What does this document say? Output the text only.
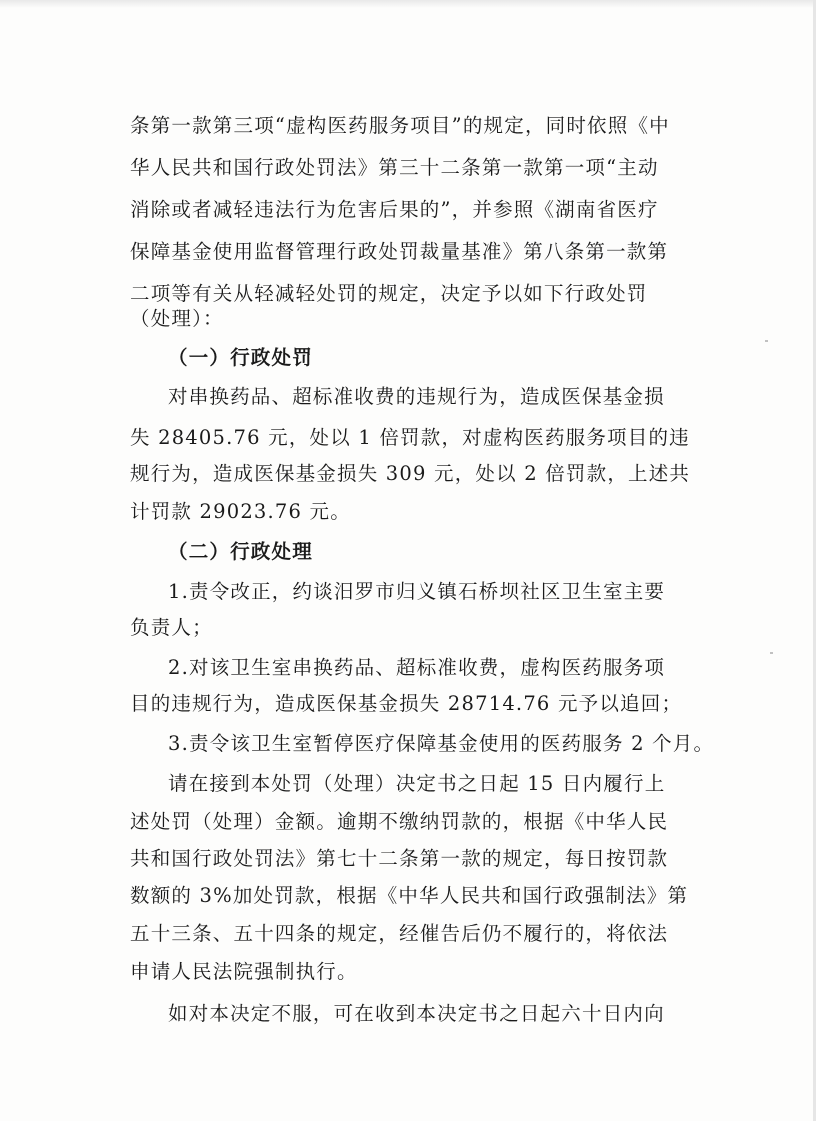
条第一款第三项“虚构医药服务项目”的规定，同时依照《中
华人民共和国行政处罚法》第三十二条第一款第一项“主动
消除或者减轻违法行为危害后果的”，并参照《湖南省医疗
保障基金使用监督管理行政处罚裁量基准》第八条第一款第
二项等有关从轻减轻处罚的规定，决定予以如下行政处罚
（处理）：
（一）行政处罚
对串换药品、超标准收费的违规行为，造成医保基金损
失 28405.76 元，处以 1 倍罚款，对虚构医药服务项目的违
规行为，造成医保基金损失 309 元，处以 2 倍罚款，上述共
计罚款 29023.76 元。
（二）行政处理
1.责令改正，约谈汨罗市归义镇石桥坝社区卫生室主要
负责人；
2.对该卫生室串换药品、超标准收费，虚构医药服务项
目的违规行为，造成医保基金损失 28714.76 元予以追回；
3.责令该卫生室暂停医疗保障基金使用的医药服务 2 个月。
请在接到本处罚（处理）决定书之日起 15 日内履行上
述处罚（处理）金额。逾期不缴纳罚款的，根据《中华人民
共和国行政处罚法》第七十二条第一款的规定，每日按罚款
数额的 3%加处罚款，根据《中华人民共和国行政强制法》第
五十三条、五十四条的规定，经催告后仍不履行的，将依法
申请人民法院强制执行。
如对本决定不服，可在收到本决定书之日起六十日内向
